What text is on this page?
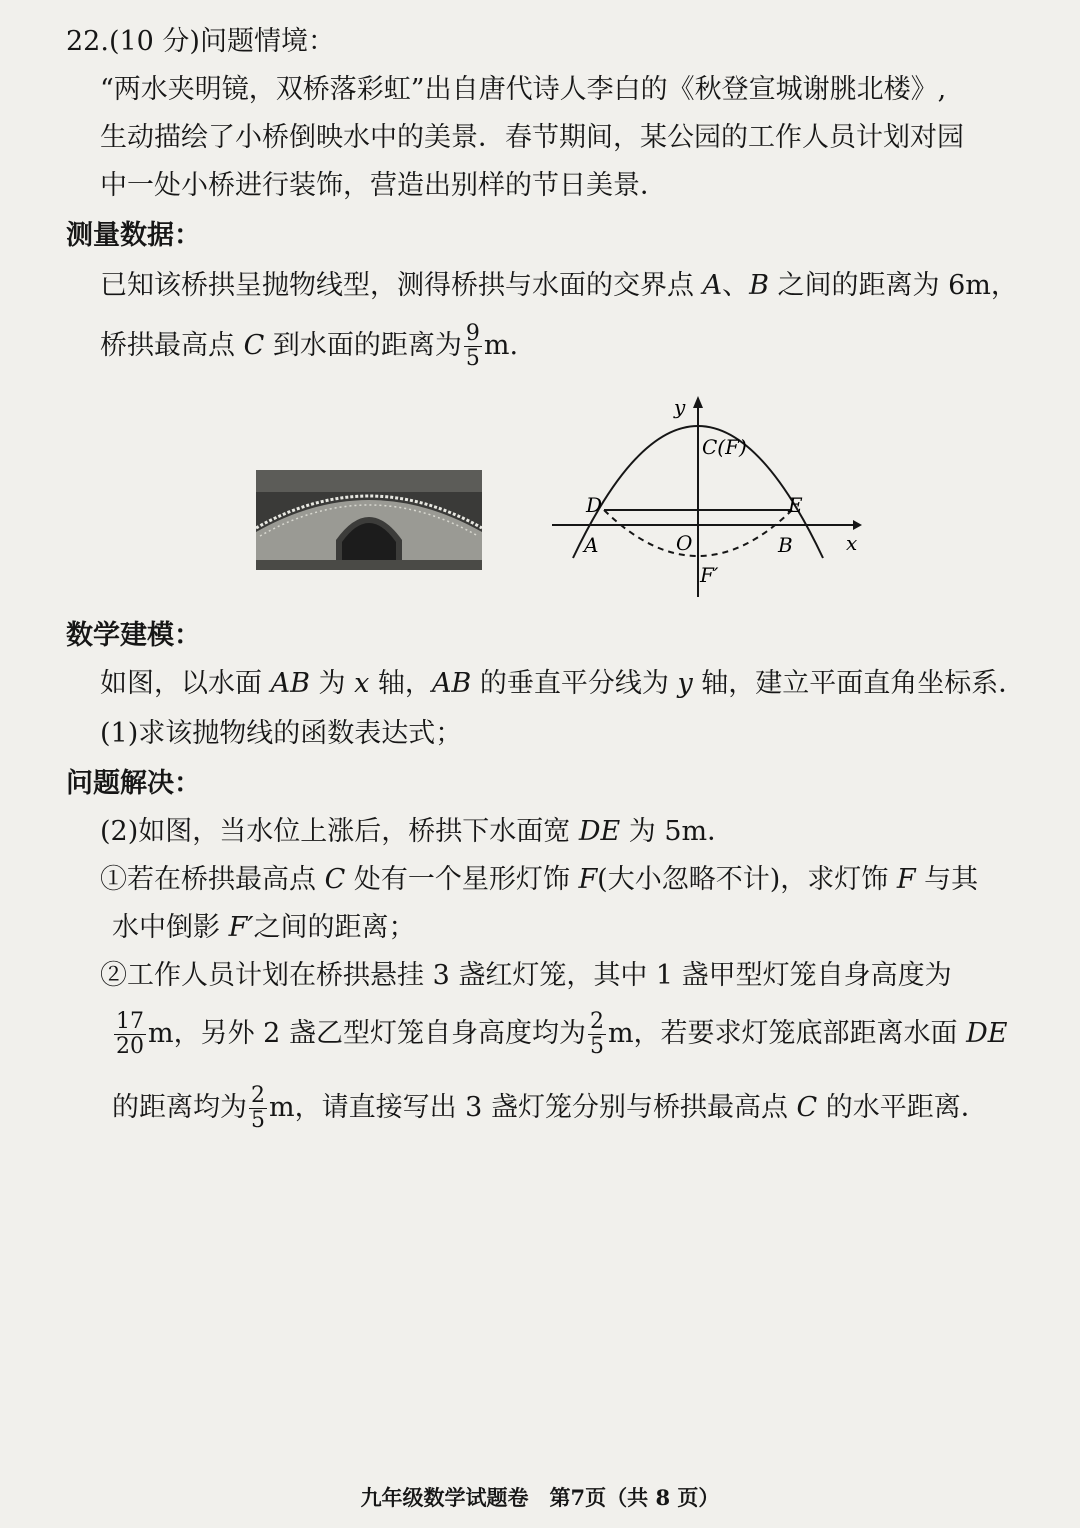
22.(10 分)问题情境：
“两水夹明镜，双桥落彩虹”出自唐代诗人李白的《秋登宣城谢朓北楼》,
生动描绘了小桥倒映水中的美景．春节期间，某公园的工作人员计划对园
中一处小桥进行装饰，营造出别样的节日美景．
测量数据：
已知该桥拱呈抛物线型，测得桥拱与水面的交界点 A、B 之间的距离为 6m，
桥拱最高点 C 到水面的距离为 $\frac{9}{5} m$.
y
C(F)
D	E
A	O	B	x
F′
数学建模：
如图，以水面 AB 为 x 轴，AB 的垂直平分线为 y 轴，建立平面直角坐标系．
(1)求该抛物线的函数表达式；
问题解决：
(2)如图，当水位上涨后，桥拱下水面宽 DE 为 5m．
①若在桥拱最高点 C 处有一个星形灯饰 F(大小忽略不计)，求灯饰 F 与其
水中倒影 F′之间的距离；
②工作人员计划在桥拱悬挂 3 盏红灯笼，其中 1 盏甲型灯笼自身高度为
$\frac{17}{20}$ m，另外 2 盏乙型灯笼自身高度均为 $\frac{2}{5}$ m，若要求灯笼底部距离水面 DE
的距离均为 $\frac{2}{5}$ m，请直接写出 3 盏灯笼分别与桥拱最高点 C 的水平距离．
九年级数学试题卷　第7页（共 8 页）
